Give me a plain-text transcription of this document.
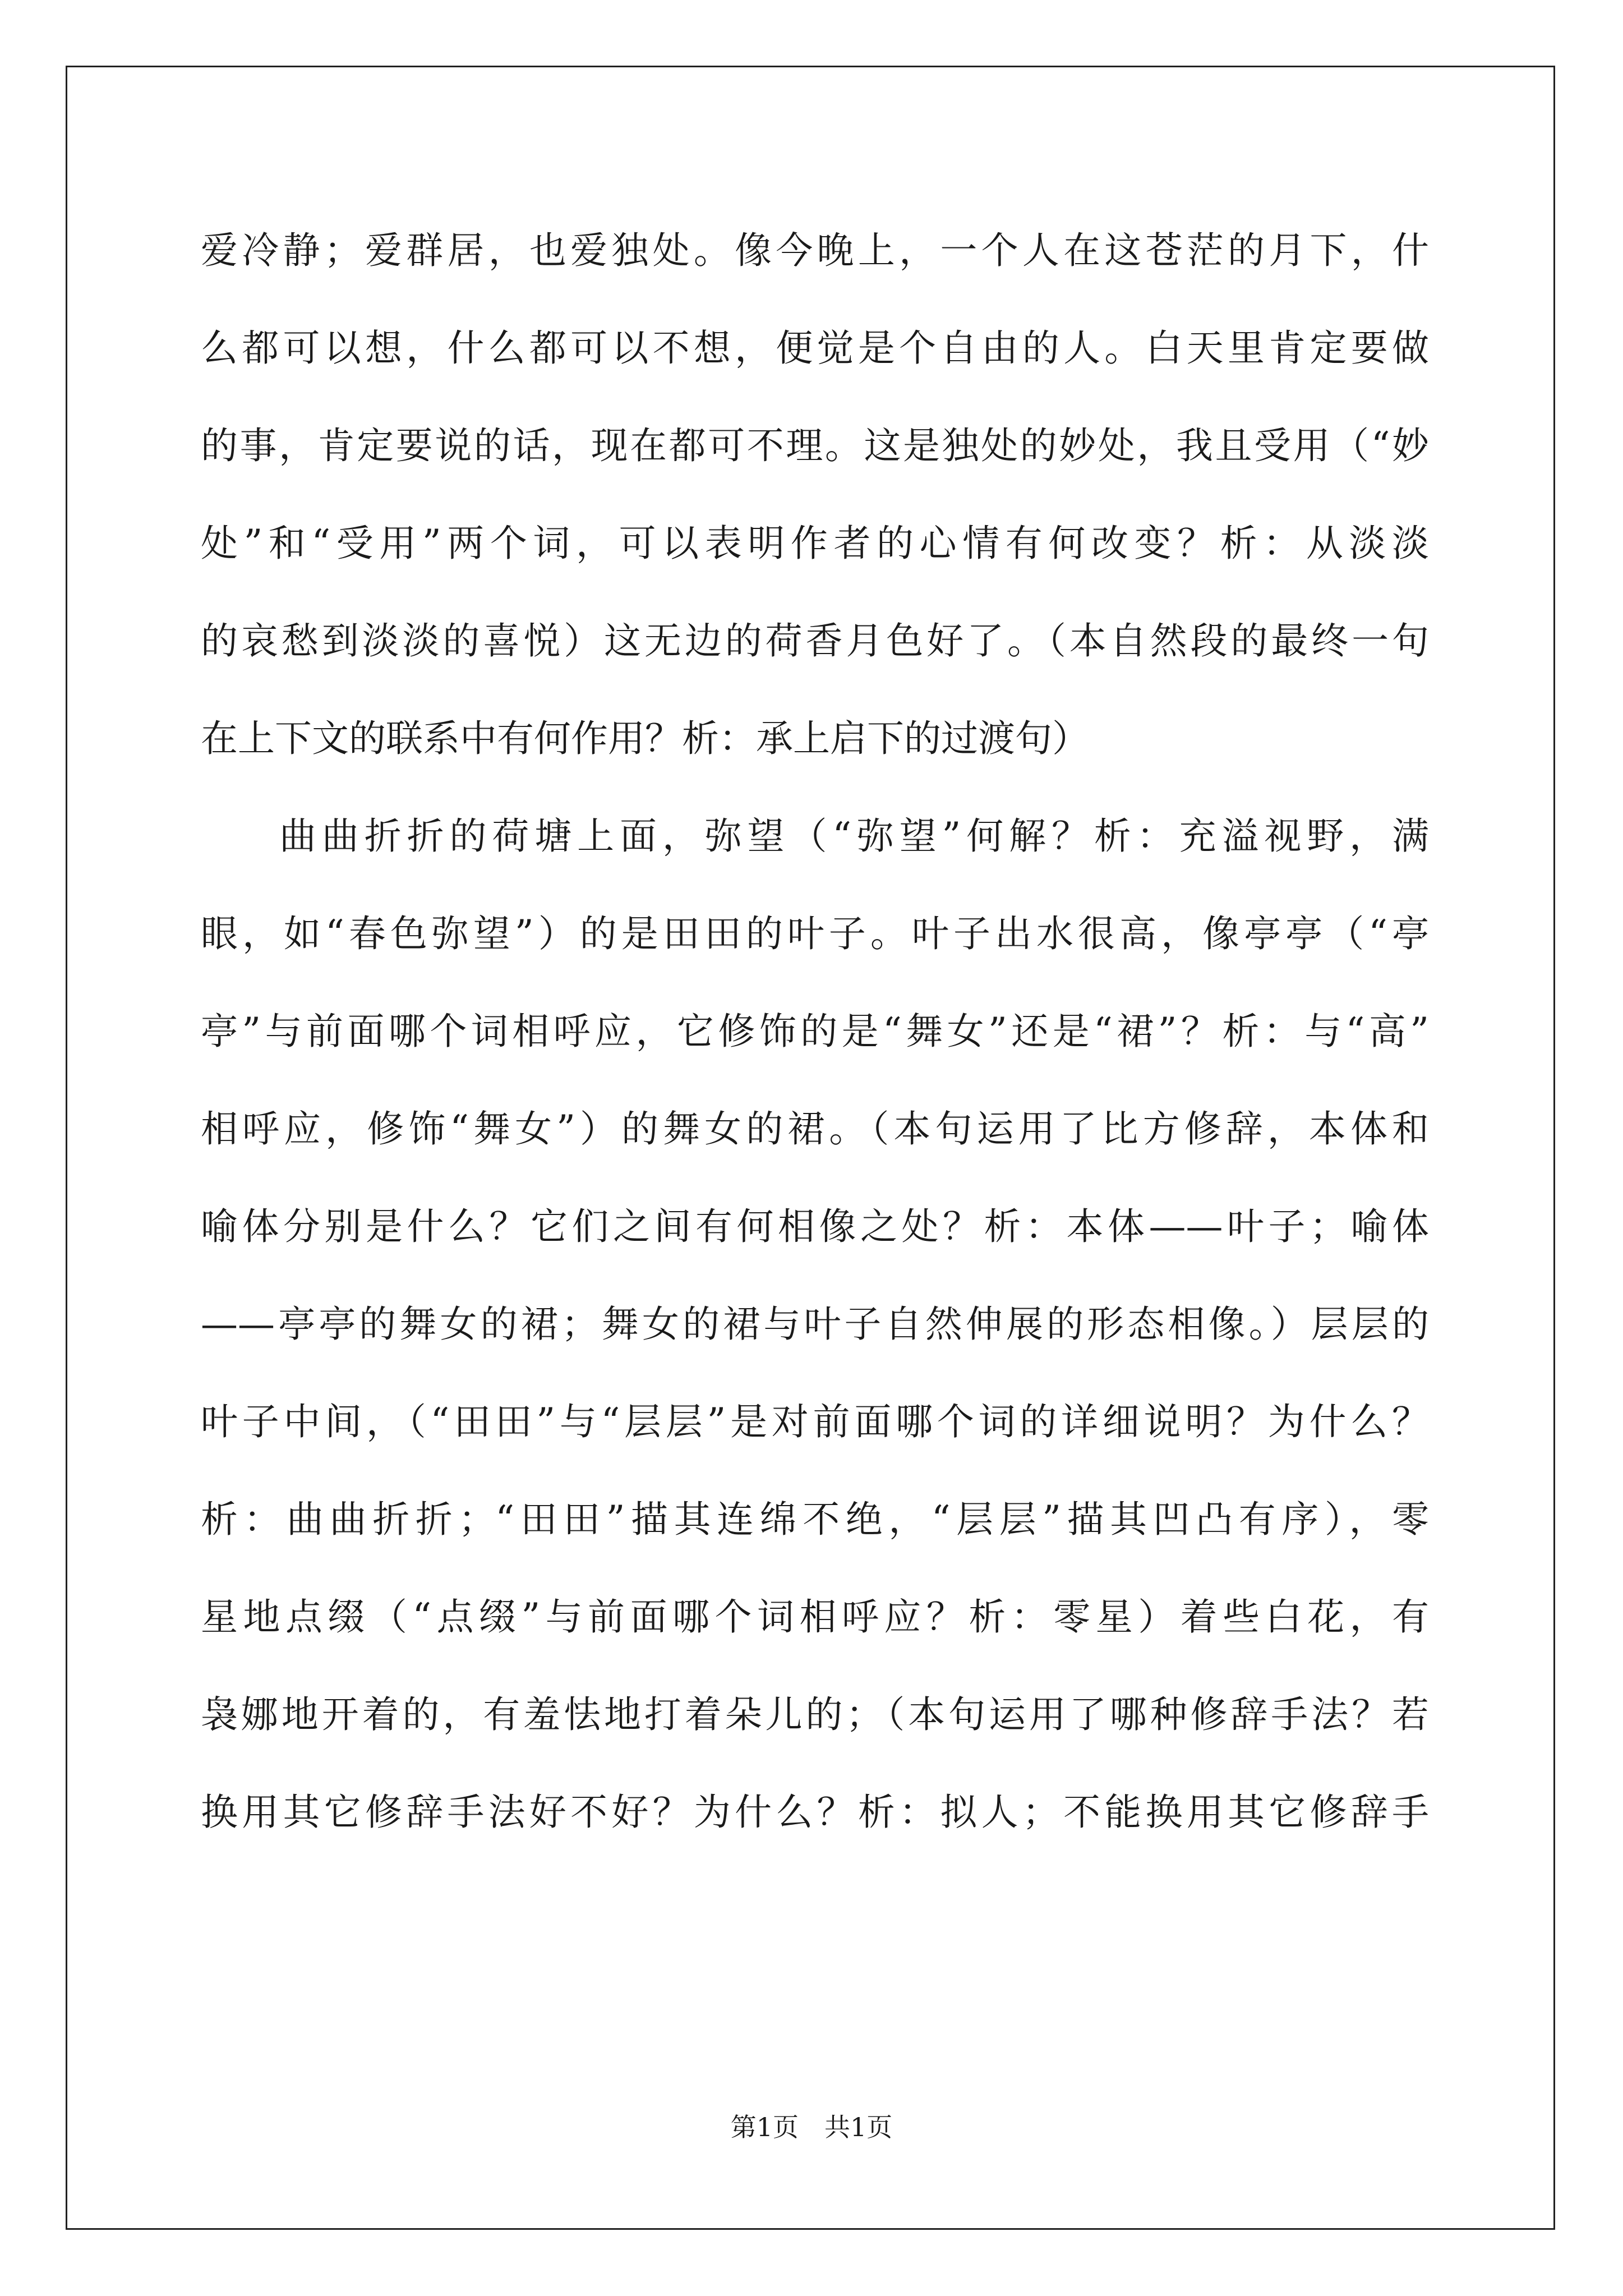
爱冷静；爱群居，也爱独处。像今晚上，一个人在这苍茫的月下，什
么都可以想，什么都可以不想，便觉是个自由的人。白天里肯定要做
的事，肯定要说的话，现在都可不理。这是独处的妙处，我且受用（“妙
处”和“受用”两个词，可以表明作者的心情有何改变？析：从淡淡
的哀愁到淡淡的喜悦）这无边的荷香月色好了。（本自然段的最终一句
在上下文的联系中有何作用？析：承上启下的过渡句）
曲曲折折的荷塘上面，弥望（“弥望”何解？析：充溢视野，满
眼，如“春色弥望”）的是田田的叶子。叶子出水很高，像亭亭（“亭
亭”与前面哪个词相呼应，它修饰的是“舞女”还是“裙”？析：与“高”
相呼应，修饰“舞女”）的舞女的裙。（本句运用了比方修辞，本体和
喻体分别是什么？它们之间有何相像之处？析：本体——叶子；喻体
——亭亭的舞女的裙；舞女的裙与叶子自然伸展的形态相像。）层层的
叶子中间，（“田田”与“层层”是对前面哪个词的详细说明？为什么？
析：曲曲折折；“田田”描其连绵不绝，“层层”描其凹凸有序），零
星地点缀（“点缀”与前面哪个词相呼应？析：零星）着些白花，有
袅娜地开着的，有羞怯地打着朵儿的；（本句运用了哪种修辞手法？若
换用其它修辞手法好不好？为什么？析：拟人；不能换用其它修辞手
第1页　共1页
